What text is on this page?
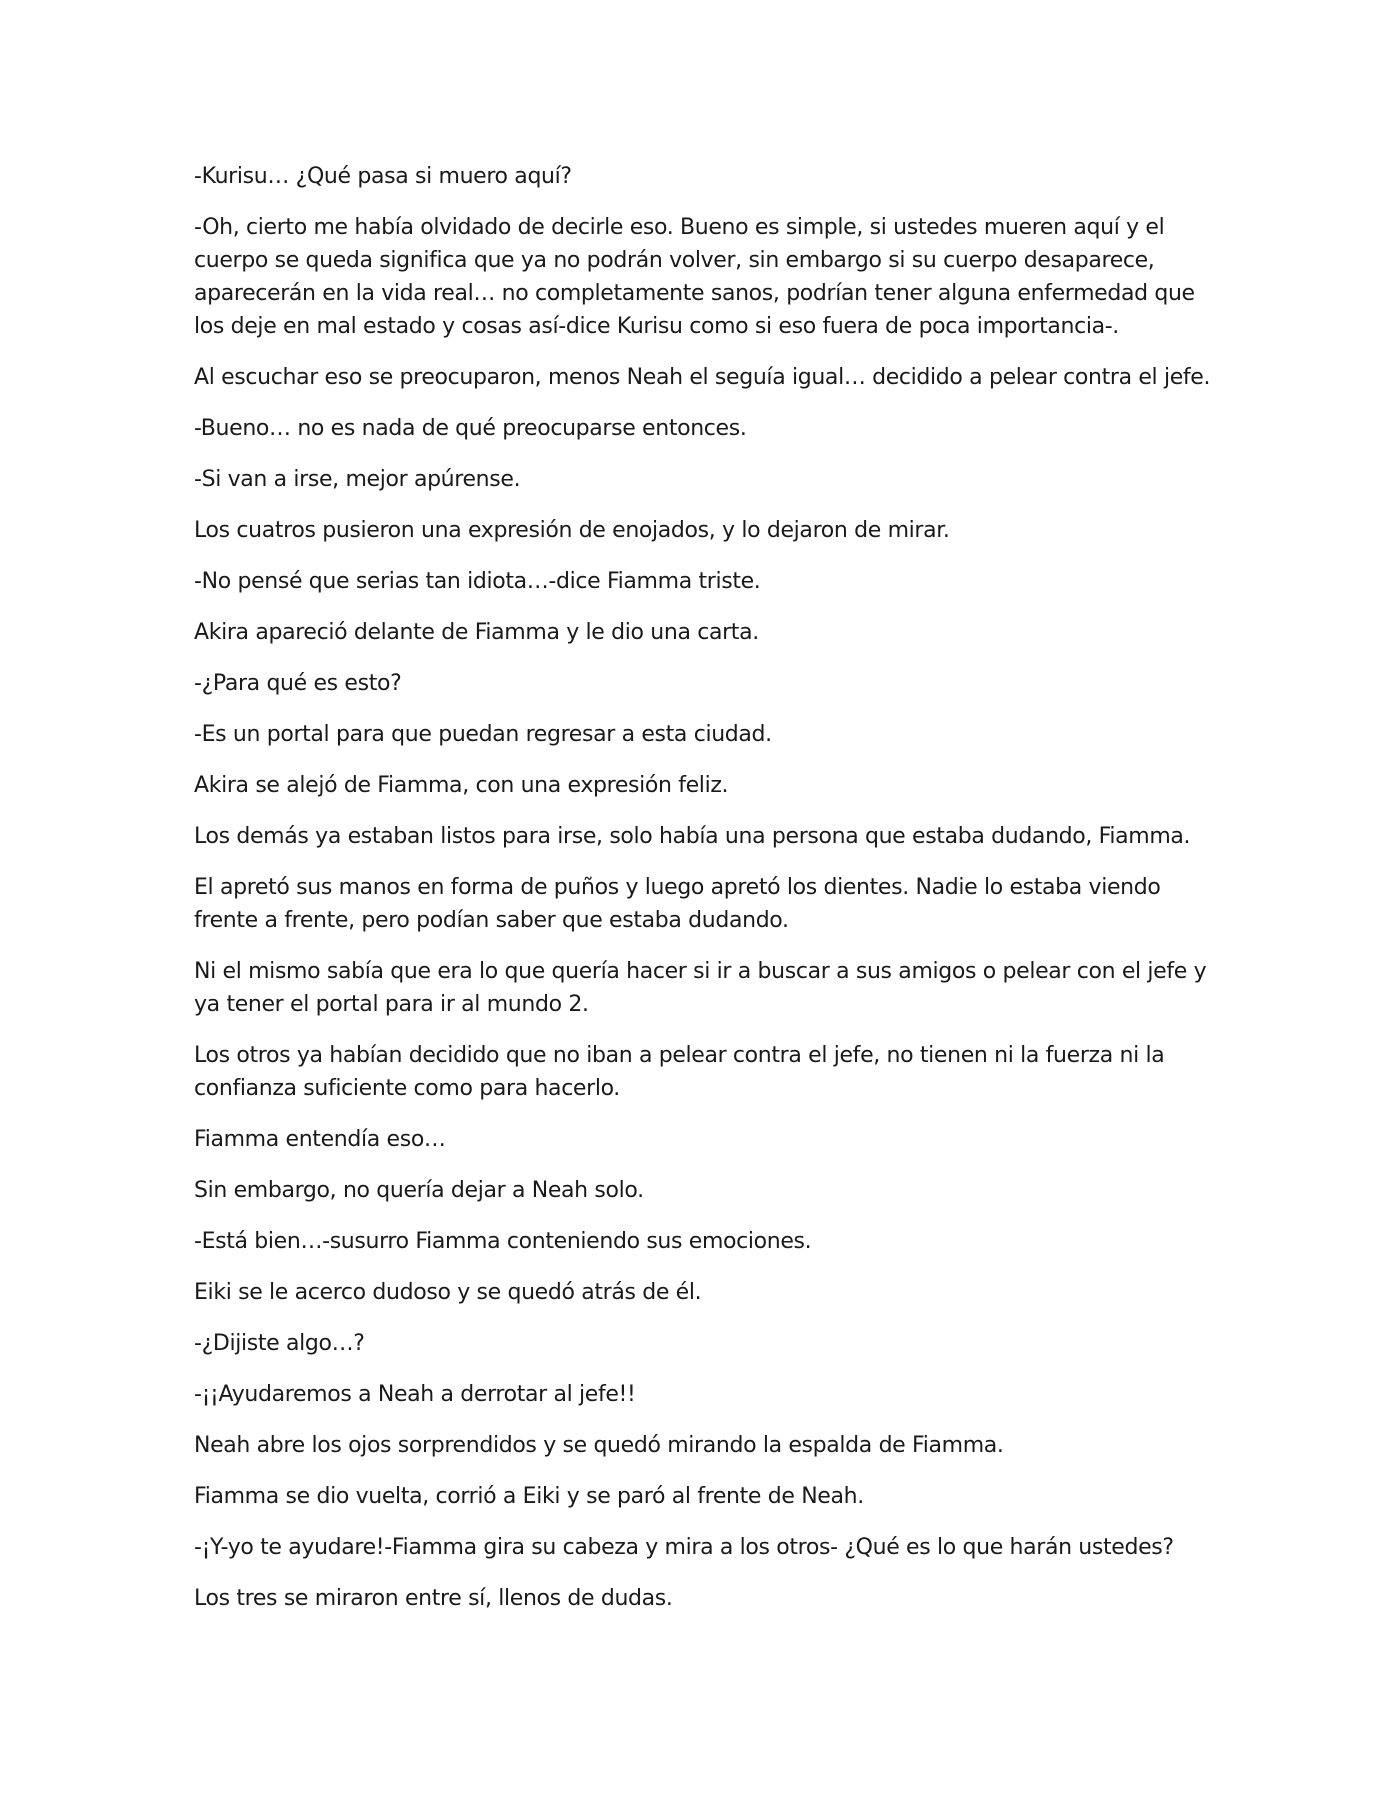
-Kurisu… ¿Qué pasa si muero aquí?

-Oh, cierto me había olvidado de decirle eso. Bueno es simple, si ustedes mueren aquí y el cuerpo se queda significa que ya no podrán volver, sin embargo si su cuerpo desaparece, aparecerán en la vida real… no completamente sanos, podrían tener alguna enfermedad que los deje en mal estado y cosas así-dice Kurisu como si eso fuera de poca importancia-.

Al escuchar eso se preocuparon, menos Neah el seguía igual… decidido a pelear contra el jefe.

-Bueno… no es nada de qué preocuparse entonces.

-Si van a irse, mejor apúrense.

Los cuatros pusieron una expresión de enojados, y lo dejaron de mirar.

-No pensé que serias tan idiota…-dice Fiamma triste.

Akira apareció delante de Fiamma y le dio una carta.

-¿Para qué es esto?

-Es un portal para que puedan regresar a esta ciudad.

Akira se alejó de Fiamma, con una expresión feliz.

Los demás ya estaban listos para irse, solo había una persona que estaba dudando, Fiamma.

El apretó sus manos en forma de puños y luego apretó los dientes. Nadie lo estaba viendo frente a frente, pero podían saber que estaba dudando.

Ni el mismo sabía que era lo que quería hacer si ir a buscar a sus amigos o pelear con el jefe y ya tener el portal para ir al mundo 2.

Los otros ya habían decidido que no iban a pelear contra el jefe, no tienen ni la fuerza ni la confianza suficiente como para hacerlo.

Fiamma entendía eso…

Sin embargo, no quería dejar a Neah solo.

-Está bien…-susurro Fiamma conteniendo sus emociones.

Eiki se le acerco dudoso y se quedó atrás de él.

-¿Dijiste algo…?

-¡¡Ayudaremos a Neah a derrotar al jefe!!

Neah abre los ojos sorprendidos y se quedó mirando la espalda de Fiamma.

Fiamma se dio vuelta, corrió a Eiki y se paró al frente de Neah.

-¡Y-yo te ayudare!-Fiamma gira su cabeza y mira a los otros- ¿Qué es lo que harán ustedes?

Los tres se miraron entre sí, llenos de dudas.
